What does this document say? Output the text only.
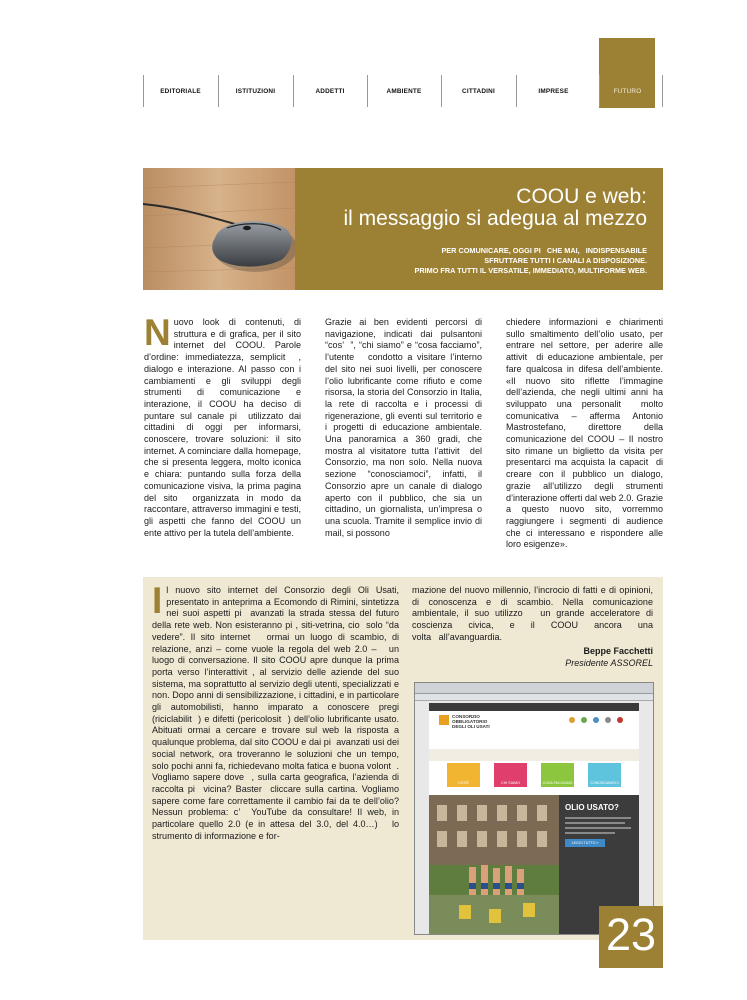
EDITORIALE	ISTITUZIONI	ADDETTI	AMBIENTE	CITTADINI	IMPRESE	FUTURO
COOU e web:
il messaggio si adegua al mezzo
PER COMUNICARE, OGGI PI   CHE MAI,   INDISPENSABILE
SFRUTTARE TUTTI I CANALI A DISPOSIZIONE.
PRIMO FRA TUTTI IL VERSATILE, IMMEDIATO, MULTIFORME WEB.
N uovo look di contenuti, di struttura e di grafica, per il sito internet del COOU. Parole d’ordine: immediatezza, semplicit  , dialogo e interazione. Al passo con i cambiamenti e gli sviluppi degli strumenti di comunicazione e interazione, il COOU ha deciso di puntare sul canale pi  utilizzato dai cittadini di oggi per informarsi, conoscere, trovare soluzioni: il sito internet. A cominciare dalla homepage, che si presenta leggera, molto iconica e chiara: puntando sulla forza della comunicazione visiva, la prima pagina del sito  organizzata in modo da raccontare, attraverso immagini e testi, gli aspetti che fanno del COOU un ente attivo per la tutela dell’ambiente.

Grazie ai ben evidenti percorsi di navigazione, indicati dai pulsantoni “cos’  ”, “chi siamo” e “cosa facciamo”, l’utente   condotto a visitare l’interno del sito nei suoi livelli, per conoscere l’olio lubrificante come rifiuto e come risorsa, la storia del Consorzio in Italia, la rete di raccolta e i processi di rigenerazione, gli eventi sul territorio e i progetti di educazione ambientale. Una panoramica a 360 gradi, che mostra al visitatore tutta l’attivit  del Consorzio, ma non solo. Nella nuova sezione “conosciamoci”, infatti, il Consorzio apre un canale di dialogo aperto con il pubblico, che sia un cittadino, un giornalista, un’impresa o una scuola. Tramite il semplice invio di mail, si possono

chiedere informazioni e chiarimenti sullo smaltimento dell’olio usato, per entrare nel settore, per aderire alle attivit  di educazione ambientale, per fare qualcosa in difesa dell’ambiente. «Il nuovo sito riflette l’immagine dell’azienda, che negli ultimi anni ha sviluppato una personalit  molto comunicativa – afferma Antonio Mastrostefano, direttore della comunicazione del COOU – Il nostro sito rimane un biglietto da visita per presentarci ma acquista la capacit  di creare con il pubblico un dialogo, grazie all’utilizzo degli strumenti d’interazione offerti dal web 2.0. Grazie a questo nuovo sito, vorremmo raggiungere i segmenti di audience che ci interessano e rispondere alle loro esigenze».

I l nuovo sito internet del Consorzio degli Oli Usati, presentato in anteprima a Ecomondo di Rimini, sintetizza nei suoi aspetti pi  avanzati la strada stessa del futuro della rete web. Non esisteranno pi , siti-vetrina, cio  solo “da vedere”. Il sito internet   ormai un luogo di scambio, di relazione, anzi – come vuole la regola del web 2.0 –   un luogo di conversazione. Il sito COOU apre dunque la prima porta verso l’interattivit , al servizio delle aziende del suo sistema, ma soprattutto al servizio degli utenti, specializzati e non. Dopo anni di sensibilizzazione, i cittadini, e in particolare gli automobilisti, hanno imparato a conoscere pregi (riciclabilit  ) e difetti (pericolosit  ) dell’olio lubrificante usato. Abituati ormai a cercare e trovare sul web la risposta a qualunque problema, dal sito COOU e dai pi  avanzati usi dei social network, ora troveranno le soluzioni che un tempo, solo pochi anni fa, richiedevano molta fatica e buona volont  . Vogliamo sapere dove  , sulla carta geografica, l’azienda di raccolta pi  vicina? Baster  cliccare sulla cartina. Vogliamo sapere come fare correttamente il cambio fai da te dell’olio? Nessun problema: c’  YouTube da consultare! Il web, in particolare quello 2.0 (e in attesa del 3.0, del 4.0…)   lo strumento di informazione e for-

mazione del nuovo millennio, l’incrocio di fatti e di opinioni, di conoscenza e di scambio. Nella comunicazione ambientale, il suo utilizzo   un grande acceleratore di coscienza civica, e il COOU ancora una volta   all’avanguardia.

Beppe Facchetti
Presidente ASSOREL
CONSORZIO
OBBLIGATORIO
DEGLI OLI USATI
COS'È	CHI SIAMO	COSA FACCIAMO	CONOSCIAMOCI
OLIO USATO?
LEGGI TUTTO »
23
